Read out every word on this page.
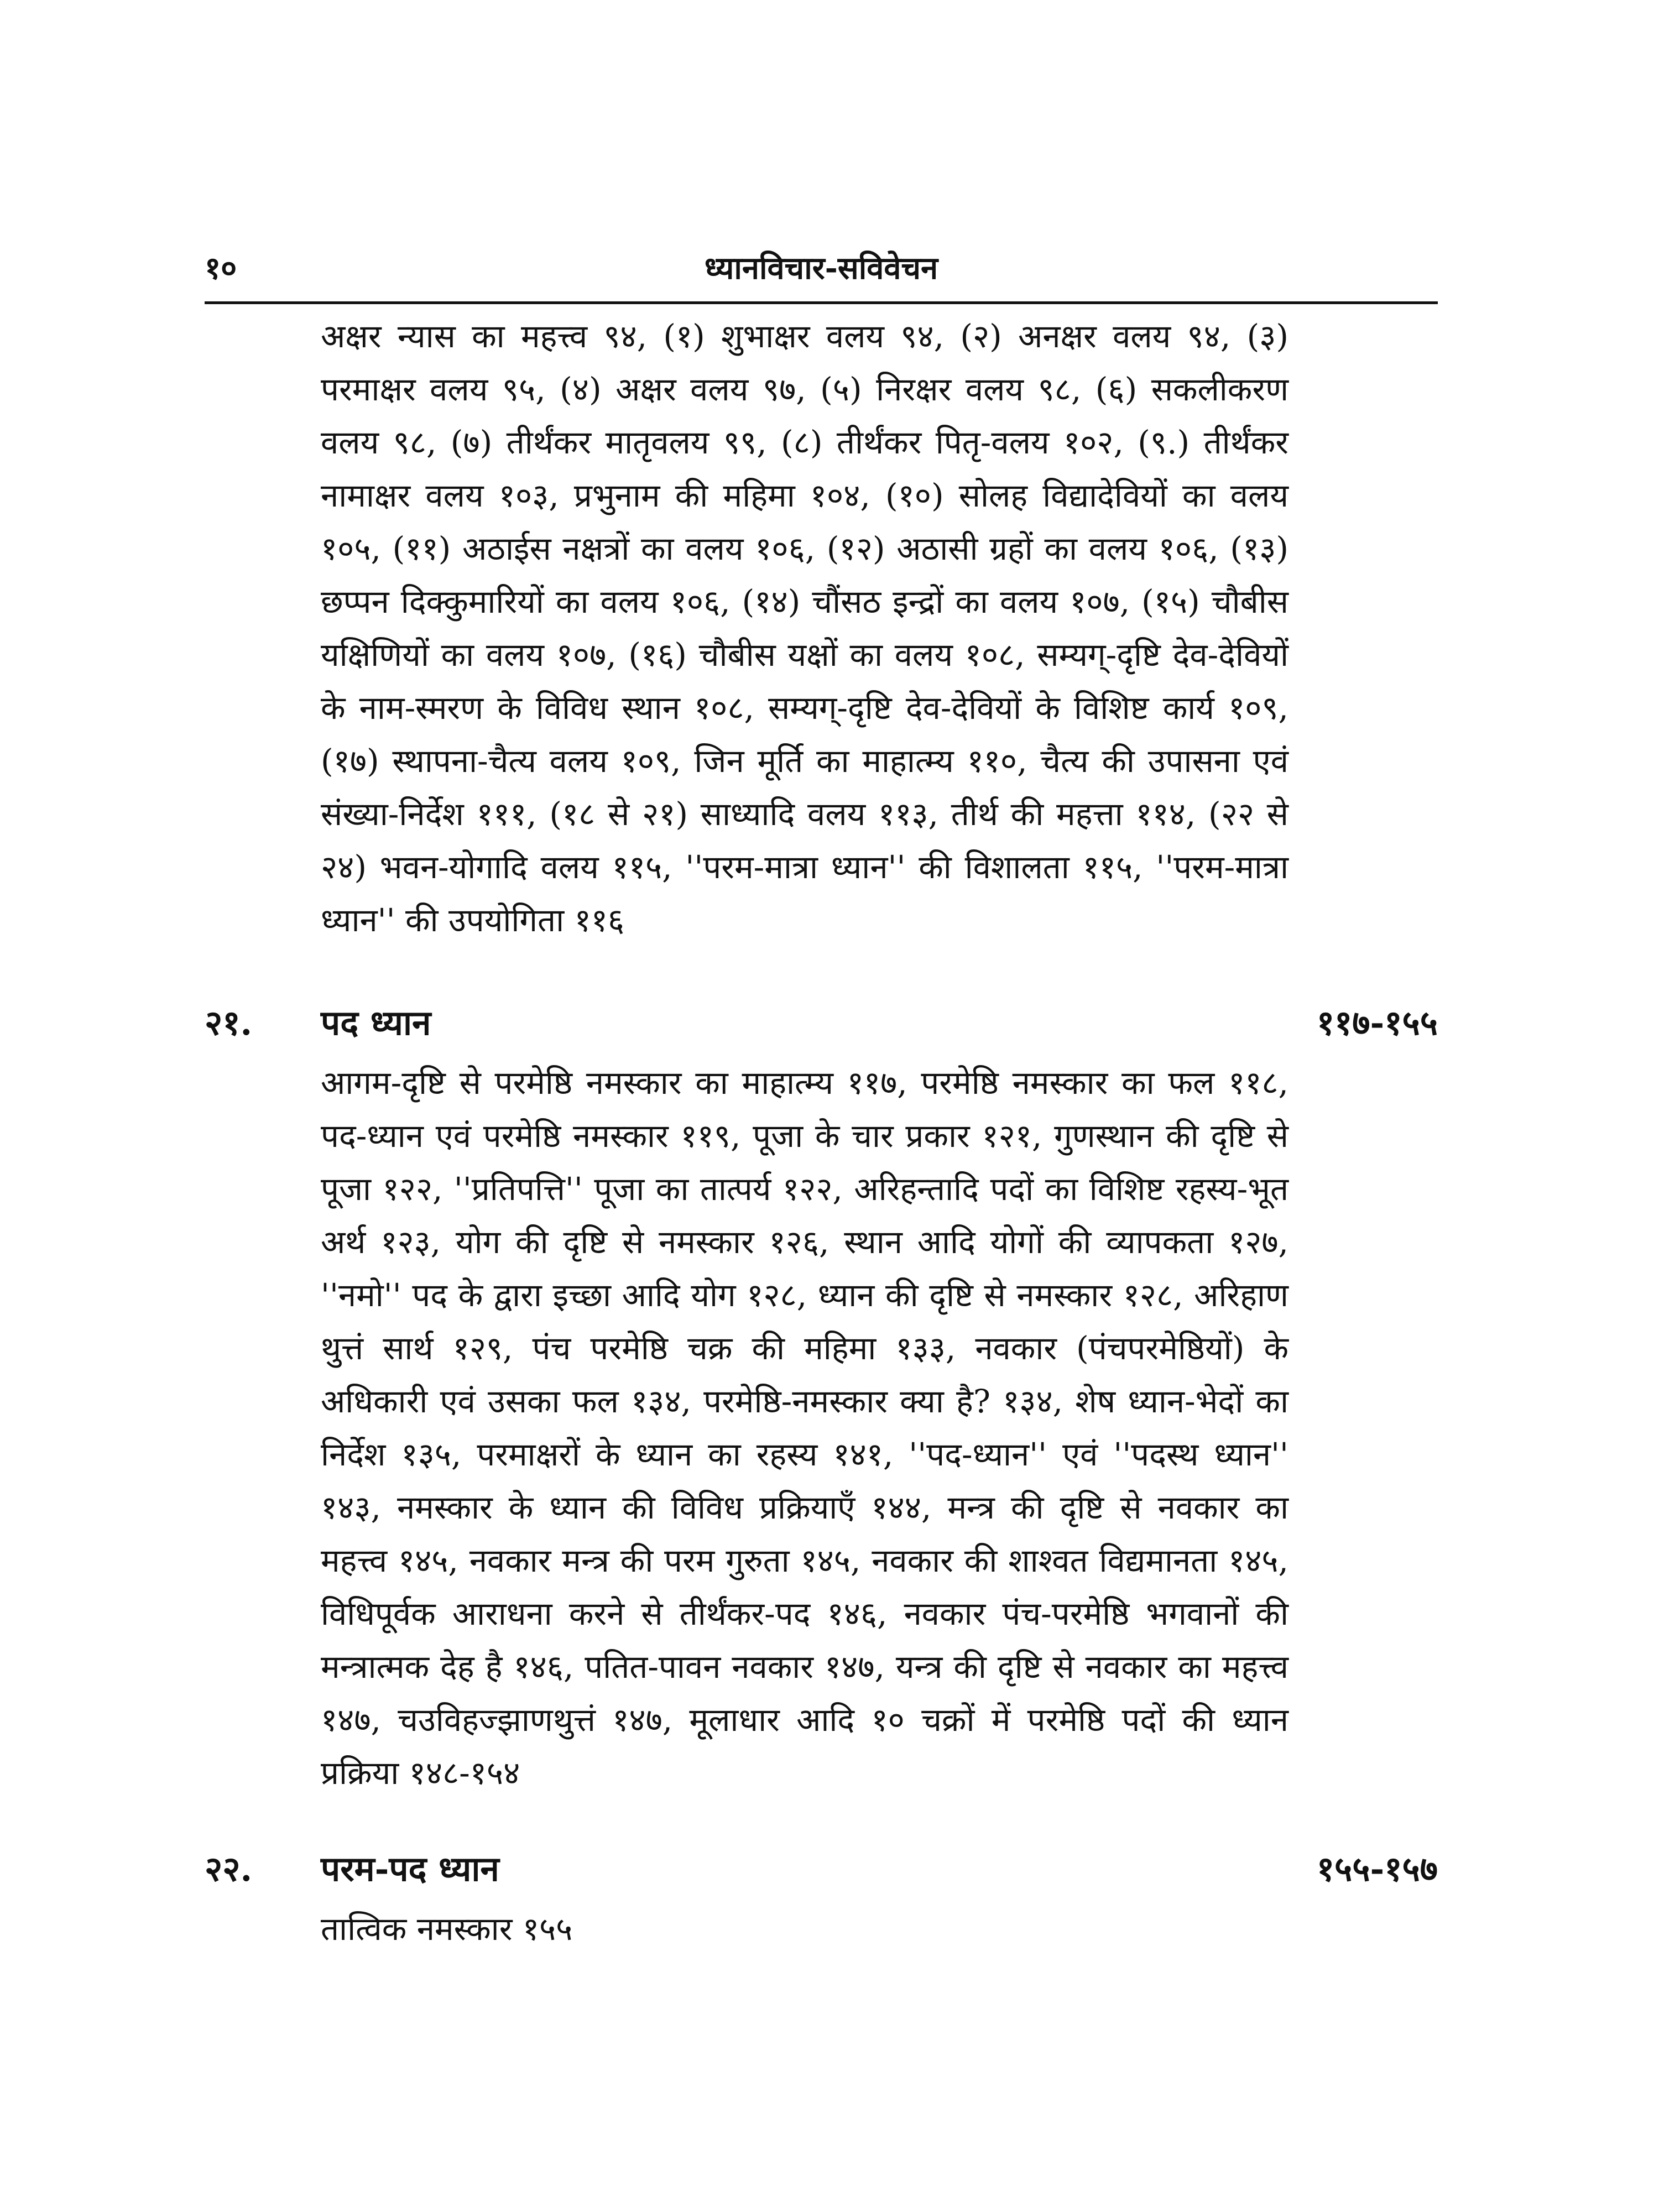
१०	ध्यानविचार-सविवेचन
अक्षर न्यास का महत्त्व ९४, (१) शुभाक्षर वलय ९४, (२) अनक्षर वलय ९४, (३) परमाक्षर वलय ९५, (४) अक्षर वलय ९७, (५) निरक्षर वलय ९८, (६) सकलीकरण वलय ९८, (७) तीर्थंकर मातृवलय ९९, (८) तीर्थंकर पितृ-वलय १०२, (९.) तीर्थंकर नामाक्षर वलय १०३, प्रभुनाम की महिमा १०४, (१०) सोलह विद्यादेवियों का वलय १०५, (११) अठाईस नक्षत्रों का वलय १०६, (१२) अठासी ग्रहों का वलय १०६, (१३) छप्पन दिक्कुमारियों का वलय १०६, (१४) चौंसठ इन्द्रों का वलय १०७, (१५) चौबीस यक्षिणियों का वलय १०७, (१६) चौबीस यक्षों का वलय १०८, सम्यग्-दृष्टि देव-देवियों के नाम-स्मरण के विविध स्थान १०८, सम्यग्-दृष्टि देव-देवियों के विशिष्ट कार्य १०९, (१७) स्थापना-चैत्य वलय १०९, जिन मूर्ति का माहात्म्य ११०, चैत्य की उपासना एवं संख्या-निर्देश १११, (१८ से २१) साध्यादि वलय ११३, तीर्थ की महत्ता ११४, (२२ से २४) भवन-योगादि वलय ११५, ''परम-मात्रा ध्यान'' की विशालता ११५, ''परम-मात्रा ध्यान'' की उपयोगिता ११६
२१. पद ध्यान	११७-१५५
आगम-दृष्टि से परमेष्ठि नमस्कार का माहात्म्य ११७, परमेष्ठि नमस्कार का फल ११८, पद-ध्यान एवं परमेष्ठि नमस्कार ११९, पूजा के चार प्रकार १२१, गुणस्थान की दृष्टि से पूजा १२२, ''प्रतिपत्ति'' पूजा का तात्पर्य १२२, अरिहन्तादि पदों का विशिष्ट रहस्य-भूत अर्थ १२३, योग की दृष्टि से नमस्कार १२६, स्थान आदि योगों की व्यापकता १२७, ''नमो'' पद के द्वारा इच्छा आदि योग १२८, ध्यान की दृष्टि से नमस्कार १२८, अरिहाण थुत्तं सार्थ १२९, पंच परमेष्ठि चक्र की महिमा १३३, नवकार (पंचपरमेष्ठियों) के अधिकारी एवं उसका फल १३४, परमेष्ठि-नमस्कार क्या है? १३४, शेष ध्यान-भेदों का निर्देश १३५, परमाक्षरों के ध्यान का रहस्य १४१, ''पद-ध्यान'' एवं ''पदस्थ ध्यान'' १४३, नमस्कार के ध्यान की विविध प्रक्रियाएँ १४४, मन्त्र की दृष्टि से नवकार का महत्त्व १४५, नवकार मन्त्र की परम गुरुता १४५, नवकार की शाश्वत विद्यमानता १४५, विधिपूर्वक आराधना करने से तीर्थंकर-पद १४६, नवकार पंच-परमेष्ठि भगवानों की मन्त्रात्मक देह है १४६, पतित-पावन नवकार १४७, यन्त्र की दृष्टि से नवकार का महत्त्व १४७, चउविहज्झाणथुत्तं १४७, मूलाधार आदि १० चक्रों में परमेष्ठि पदों की ध्यान प्रक्रिया १४८-१५४
२२. परम-पद ध्यान	१५५-१५७
तात्विक नमस्कार १५५
